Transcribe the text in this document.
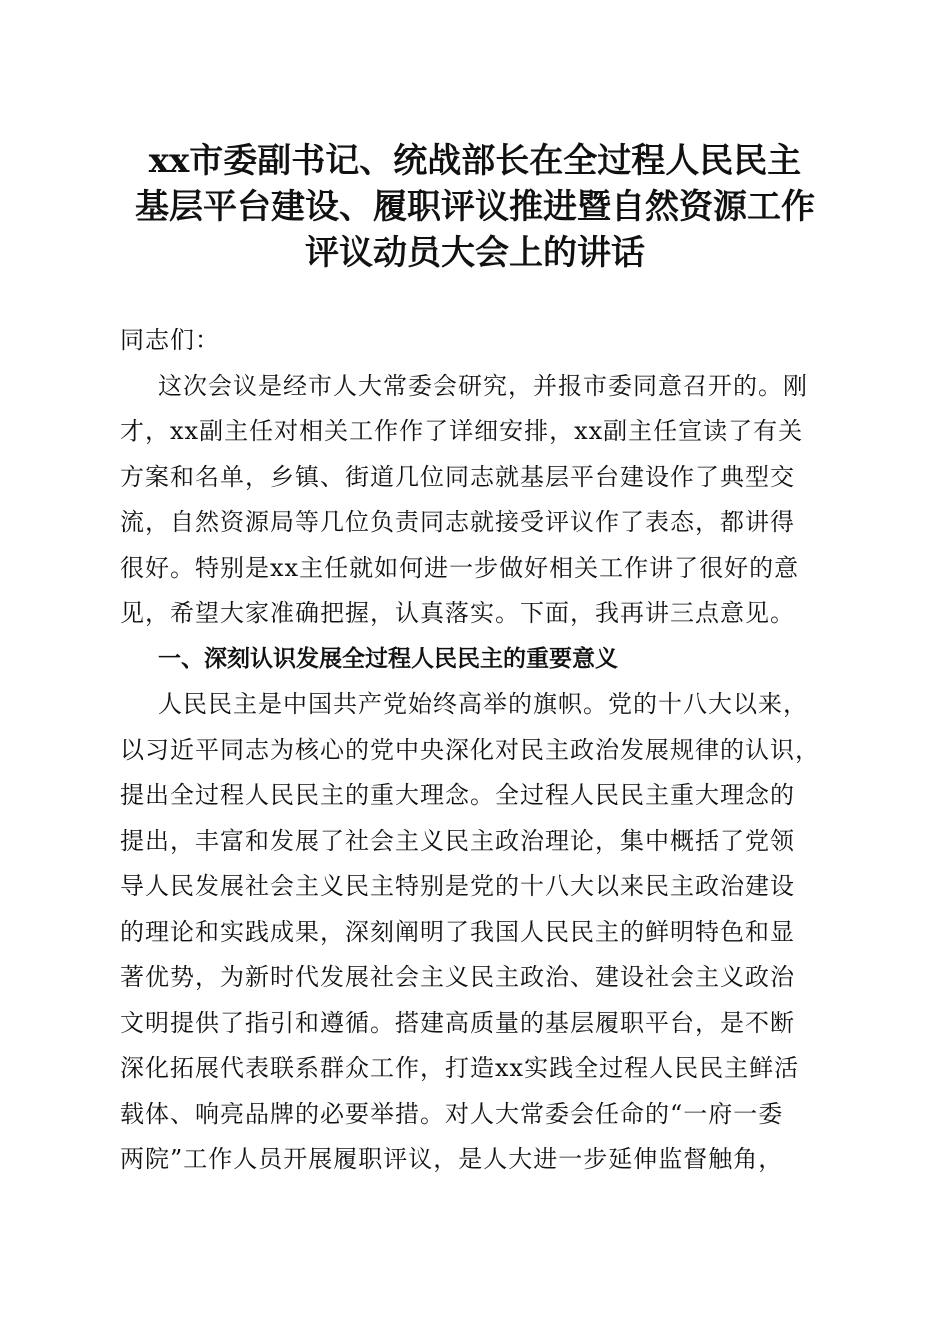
xx市委副书记、统战部长在全过程人民民主
基层平台建设、履职评议推进暨自然资源工作
评议动员大会上的讲话
同志们：
这次会议是经市人大常委会研究，并报市委同意召开的。刚
才，xx副主任对相关工作作了详细安排，xx副主任宣读了有关
方案和名单，乡镇、街道几位同志就基层平台建设作了典型交
流，自然资源局等几位负责同志就接受评议作了表态，都讲得
很好。特别是xx主任就如何进一步做好相关工作讲了很好的意
见，希望大家准确把握，认真落实。下面，我再讲三点意见。
一、深刻认识发展全过程人民民主的重要意义
人民民主是中国共产党始终高举的旗帜。党的十八大以来，
以习近平同志为核心的党中央深化对民主政治发展规律的认识，
提出全过程人民民主的重大理念。全过程人民民主重大理念的
提出，丰富和发展了社会主义民主政治理论，集中概括了党领
导人民发展社会主义民主特别是党的十八大以来民主政治建设
的理论和实践成果，深刻阐明了我国人民民主的鲜明特色和显
著优势，为新时代发展社会主义民主政治、建设社会主义政治
文明提供了指引和遵循。搭建高质量的基层履职平台，是不断
深化拓展代表联系群众工作，打造xx实践全过程人民民主鲜活
载体、响亮品牌的必要举措。对人大常委会任命的“一府一委
两院”工作人员开展履职评议，是人大进一步延伸监督触角，
